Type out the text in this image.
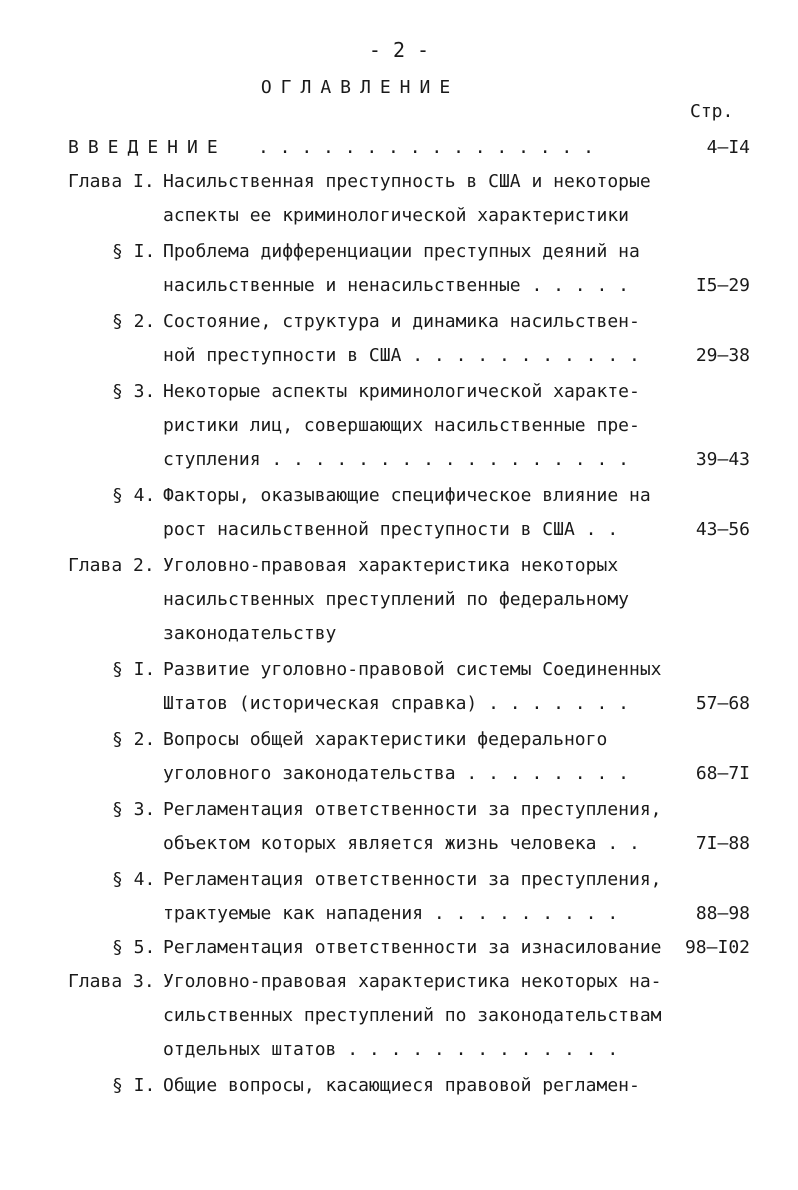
- 2 -
ОГЛАВЛЕНИЕ
Стр.
ВВЕДЕНИЕ . . . . . . . . . . . . . . . .	4–I4
Глава I. Насильственная преступность в США и некоторые
аспекты ее криминологической характеристики
§ I. Проблема дифференциации преступных деяний на
насильственные и ненасильственные . . . . .	I5–29
§ 2. Состояние, структура и динамика насильствен-
ной преступности в США . . . . . . . . . . .	29–38
§ 3. Некоторые аспекты криминологической характе-
ристики лиц, совершающих насильственные пре-
ступления . . . . . . . . . . . . . . . . .	39–43
§ 4. Факторы, оказывающие специфическое влияние на
рост насильственной преступности в США . .	43–56
Глава 2. Уголовно-правовая характеристика некоторых
насильственных преступлений по федеральному
законодательству
§ I. Развитие уголовно-правовой системы Соединенных
Штатов (историческая справка) . . . . . . .	57–68
§ 2. Вопросы общей характеристики федерального
уголовного законодательства . . . . . . . .	68–7I
§ 3. Регламентация ответственности за преступления,
объектом которых является жизнь человека . .	7I–88
§ 4. Регламентация ответственности за преступления,
трактуемые как нападения . . . . . . . . .	88–98
§ 5. Регламентация ответственности за изнасилование	98–I02
Глава 3. Уголовно-правовая характеристика некоторых на-
сильственных преступлений по законодательствам
отдельных штатов . . . . . . . . . . . . .
§ I. Общие вопросы, касающиеся правовой регламен-
